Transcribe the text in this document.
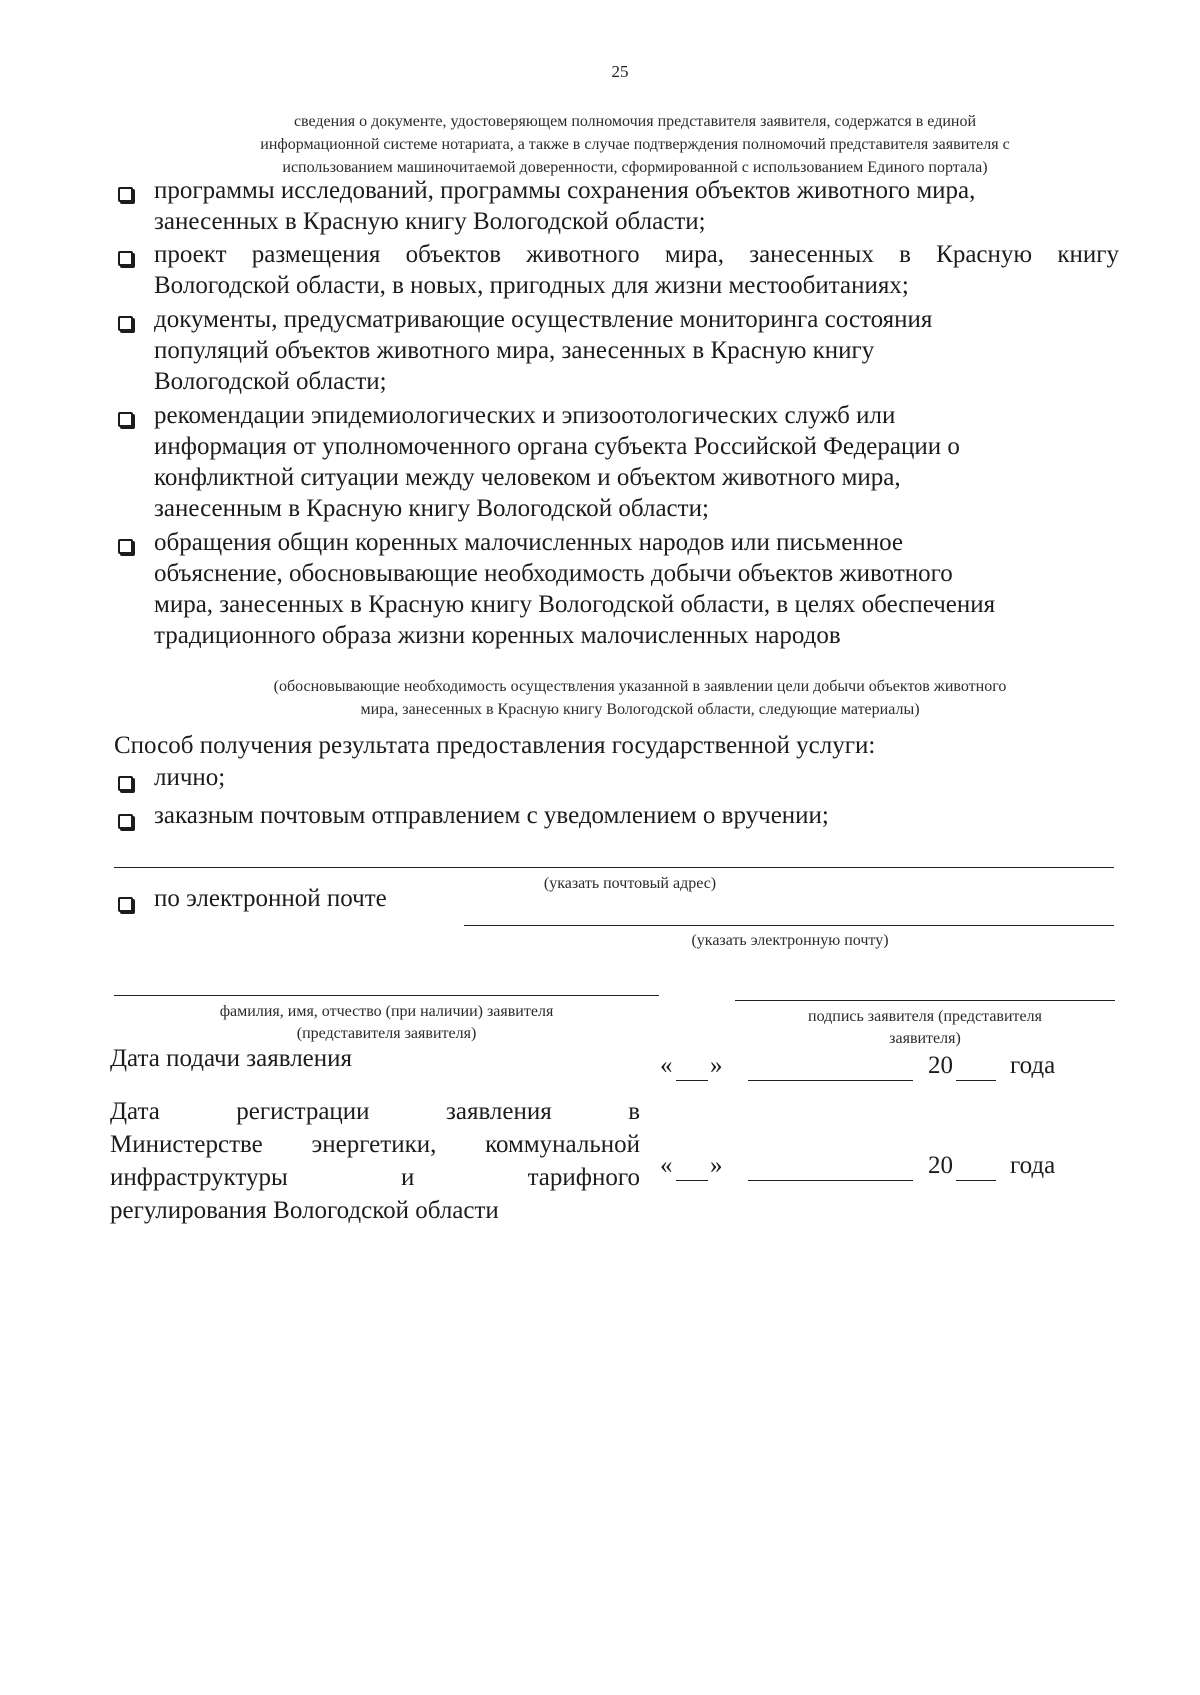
25
сведения о документе, удостоверяющем полномочия представителя заявителя, содержатся в единой
информационной системе нотариата, а также в случае подтверждения полномочий представителя заявителя с
использованием машиночитаемой доверенности, сформированной с использованием Единого портала)
программы исследований, программы сохранения объектов животного мира,
занесенных в Красную книгу Вологодской области;
проект размещения объектов животного мира, занесенных в Красную книгу
Вологодской области, в новых, пригодных для жизни местообитаниях;
документы, предусматривающие осуществление мониторинга состояния
популяций объектов животного мира, занесенных в Красную книгу
Вологодской области;
рекомендации эпидемиологических и эпизоотологических служб или
информация от уполномоченного органа субъекта Российской Федерации о
конфликтной ситуации между человеком и объектом животного мира,
занесенным в Красную книгу Вологодской области;
обращения общин коренных малочисленных народов или письменное
объяснение, обосновывающие необходимость добычи объектов животного
мира, занесенных в Красную книгу Вологодской области, в целях обеспечения
традиционного образа жизни коренных малочисленных народов
(обосновывающие необходимость осуществления указанной в заявлении цели добычи объектов животного
мира, занесенных в Красную книгу Вологодской области, следующие материалы)
Способ получения результата предоставления государственной услуги:
лично;
заказным почтовым отправлением с уведомлением о вручении;
(указать почтовый адрес)
по электронной почте
(указать электронную почту)
фамилия, имя, отчество (при наличии) заявителя
(представителя заявителя)
подпись заявителя (представителя
заявителя)
Дата подачи заявления	« »	20 года
Дата	регистрации	заявления	в
Министерстве энергетики, коммунальной
инфраструктуры	и	тарифного
регулирования Вологодской области
« »	20 года
